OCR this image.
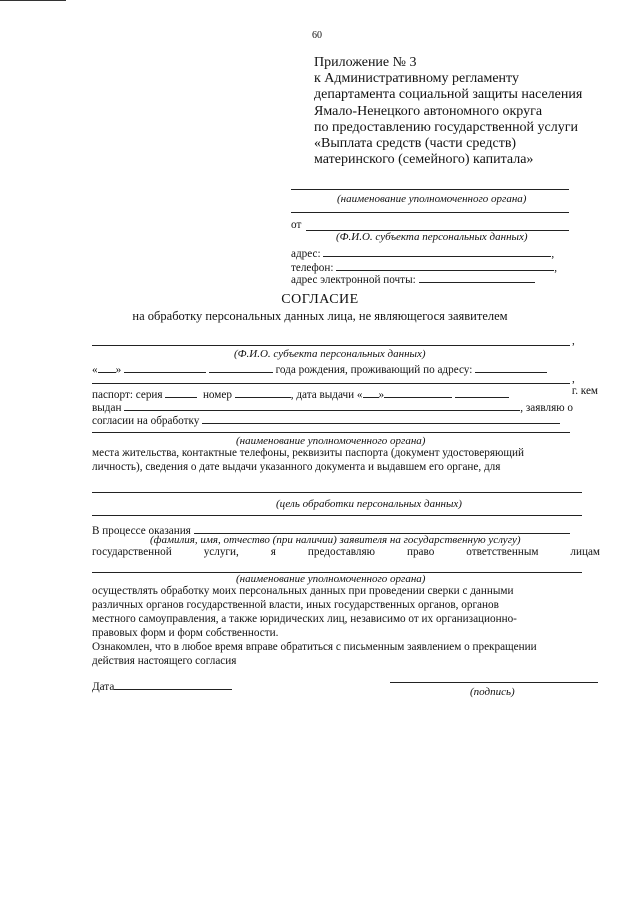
60
Приложение № 3
к Административному регламенту
департамента социальной защиты населения
Ямало-Ненецкого автономного округа
по предоставлению государственной услуги
«Выплата средств (части средств)
материнского (семейного) капитала»
(наименование уполномоченного органа)
от
(Ф.И.О. субъекта персональных данных)
адрес:	,
телефон:	,
адрес электронной почты:
СОГЛАСИЕ
на обработку персональных данных лица, не являющегося заявителем
,
(Ф.И.О. субъекта персональных данных)
« »	года рождения, проживающий по адресу:
,
паспорт: серия	номер	, дата выдачи « »	г. кем
выдан	, заявляю о
согласии на обработку
(наименование уполномоченного органа)
места жительства, контактные телефоны, реквизиты паспорта (документ удостоверяющий
личность), сведения о дате выдачи указанного документа и выдавшем его органе, для
(цель обработки персональных данных)
В процессе оказания
(фамилия, имя, отчество (при наличии) заявителя на государственную услугу)
государственной	услуги,	я	предоставляю	право	ответственным	лицам
(наименование уполномоченного органа)
осуществлять обработку моих персональных данных при проведении сверки с данными
различных органов государственной власти, иных государственных органов, органов
местного самоуправления, а также юридических лиц, независимо от их организационно-
правовых форм и форм собственности.
Ознакомлен, что в любое время вправе обратиться с письменным заявлением о прекращении
действия настоящего согласия
Дата	(подпись)
